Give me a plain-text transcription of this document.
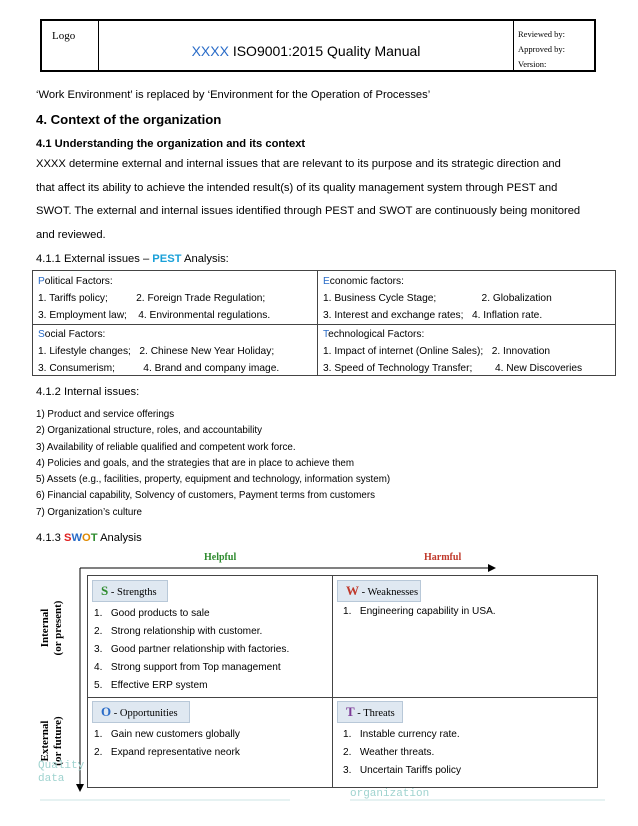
Logo
XXXX ISO9001:2015 Quality Manual
Reviewed by:
Approved by:
Version:
‘Work Environment’ is replaced by ‘Environment for the Operation of Processes’
4. Context of the organization
4.1 Understanding the organization and its context
XXXX determine external and internal issues that are relevant to its purpose and its strategic direction and
that affect its ability to achieve the intended result(s) of its quality management system through PEST and
SWOT. The external and internal issues identified through PEST and SWOT are continuously being monitored
and reviewed.
4.1.1 External issues – PEST Analysis:
Political Factors:
1. Tariffs policy;          2. Foreign Trade Regulation;
3. Employment law;    4. Environmental regulations.
Economic factors:
1. Business Cycle Stage;                2. Globalization
3. Interest and exchange rates;   4. Inflation rate.
Social Factors:
1. Lifestyle changes;   2. Chinese New Year Holiday;
3. Consumerism;          4. Brand and company image.
Technological Factors:
1. Impact of internet (Online Sales);   2. Innovation
3. Speed of Technology Transfer;        4. New Discoveries
4.1.2 Internal issues:
1) Product and service offerings
2) Organizational structure, roles, and accountability
3) Availability of reliable qualified and competent work force.
4) Policies and goals, and the strategies that are in place to achieve them
5) Assets (e.g., facilities, property, equipment and technology, information system)
6) Financial capability, Solvency of customers, Payment terms from customers
7) Organization’s culture
4.1.3 SWOT Analysis
Helpful	Harmful
Internal (or present)
External (or future)
S - Strengths
1.   Good products to sale
2.   Strong relationship with customer.
3.   Good partner relationship with factories.
4.   Strong support from Top management
5.   Effective ERP system
W - Weaknesses
1.   Engineering capability in USA.
O - Opportunities
1.   Gain new customers globally
2.   Expand representative neork
T - Threats
1.   Instable currency rate.
2.   Weather threats.
3.   Uncertain Tariffs policy
Quality
data
organization
